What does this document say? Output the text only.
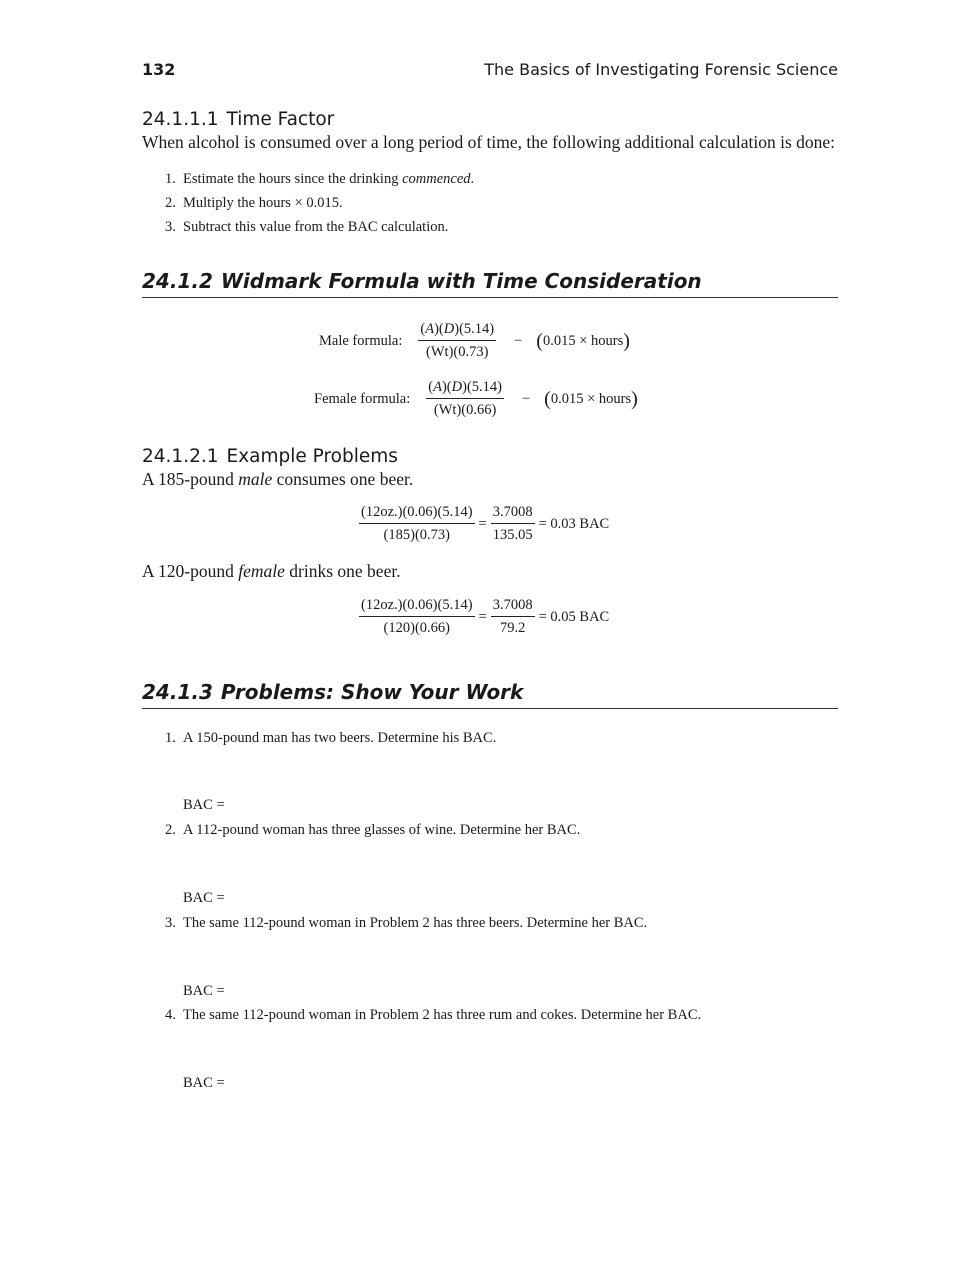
132	The Basics of Investigating Forensic Science
24.1.1.1 Time Factor
When alcohol is consumed over a long period of time, the following additional calculation is done:
1. Estimate the hours since the drinking commenced.
2. Multiply the hours × 0.015.
3. Subtract this value from the BAC calculation.
24.1.2 Widmark Formula with Time Consideration
Male formula: $\frac{(A)(D)(5.14)}{(Wt)(0.73)}$ − ( 0.015 × hours )
Female formula: $\frac{(A)(D)(5.14)}{(Wt)(0.66)}$ − ( 0.015 × hours )
24.1.2.1 Example Problems
A 185-pound male consumes one beer.
$\frac{(12oz.)(0.06)(5.14)}{(185)(0.73)} = \frac{3.7008}{135.05} = 0.03$ BAC
A 120-pound female drinks one beer.
$\frac{(12oz.)(0.06)(5.14)}{(120)(0.66)} = \frac{3.7008}{79.2} = 0.05$ BAC
24.1.3 Problems: Show Your Work
1. A 150-pound man has two beers. Determine his BAC.
BAC =
2. A 112-pound woman has three glasses of wine. Determine her BAC.
BAC =
3. The same 112-pound woman in Problem 2 has three beers. Determine her BAC.
BAC =
4. The same 112-pound woman in Problem 2 has three rum and cokes. Determine her BAC.
BAC =
